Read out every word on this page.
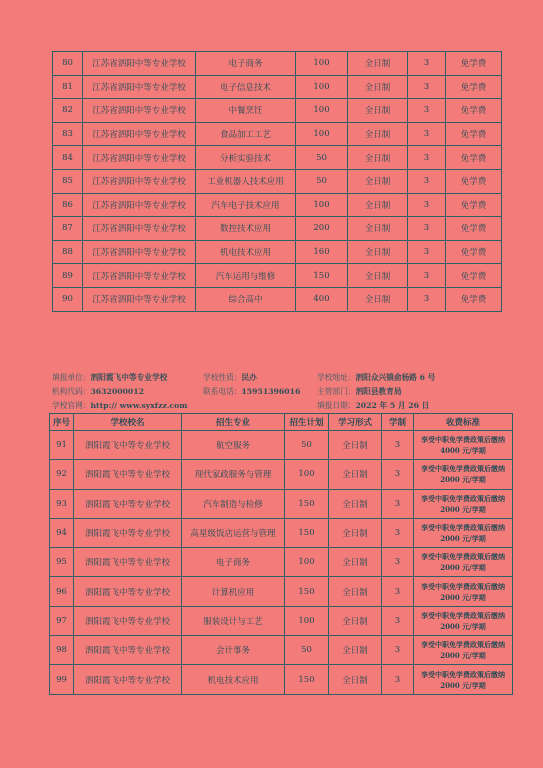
80	江苏省泗阳中等专业学校	电子商务	100	全日制	3	免学费
81	江苏省泗阳中等专业学校	电子信息技术	100	全日制	3	免学费
82	江苏省泗阳中等专业学校	中餐烹饪	100	全日制	3	免学费
83	江苏省泗阳中等专业学校	食品加工工艺	100	全日制	3	免学费
84	江苏省泗阳中等专业学校	分析实验技术	50	全日制	3	免学费
85	江苏省泗阳中等专业学校	工业机器人技术应用	50	全日制	3	免学费
86	江苏省泗阳中等专业学校	汽车电子技术应用	100	全日制	3	免学费
87	江苏省泗阳中等专业学校	数控技术应用	200	全日制	3	免学费
88	江苏省泗阳中等专业学校	机电技术应用	160	全日制	3	免学费
89	江苏省泗阳中等专业学校	汽车运用与维修	150	全日制	3	免学费
90	江苏省泗阳中等专业学校	综合高中	400	全日制	3	免学费
填报单位：泗阳霞飞中等专业学校	学校性质：民办	学校地址：泗阳众兴镇俞杨路 6 号
机构代码：3632000012	联系电话：15951396016 主管部门：泗阳县教育局
学校官网：http:// www.syxfzz.com	填报日期：2022 年 5 月 26 日
序号	学校校名	招生专业	招生计划	学习形式	学制	收费标准
91	泗阳霞飞中等专业学校	航空服务	50	全日制	3	享受中职免学费政策后缴纳 4000 元/学期
92	泗阳霞飞中等专业学校	现代家政服务与管理	100	全日制	3	享受中职免学费政策后缴纳 2000 元/学期
93	泗阳霞飞中等专业学校	汽车制造与检修	150	全日制	3	享受中职免学费政策后缴纳 2000 元/学期
94	泗阳霞飞中等专业学校	高星级饭店运营与管理	150	全日制	3	享受中职免学费政策后缴纳 2000 元/学期
95	泗阳霞飞中等专业学校	电子商务	100	全日制	3	享受中职免学费政策后缴纳 2000 元/学期
96	泗阳霞飞中等专业学校	计算机应用	150	全日制	3	享受中职免学费政策后缴纳 2000 元/学期
97	泗阳霞飞中等专业学校	服装设计与工艺	100	全日制	3	享受中职免学费政策后缴纳 2000 元/学期
98	泗阳霞飞中等专业学校	会计事务	50	全日制	3	享受中职免学费政策后缴纳 2000 元/学期
99	泗阳霞飞中等专业学校	机电技术应用	150	全日制	3	享受中职免学费政策后缴纳 2000 元/学期
